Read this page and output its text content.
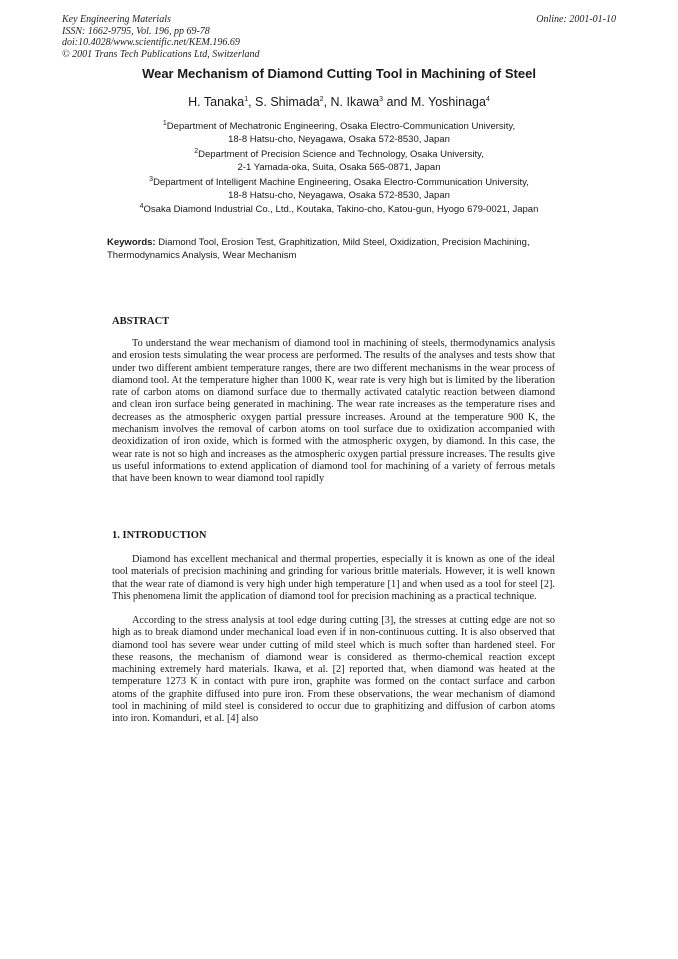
Key Engineering Materials
ISSN: 1662-9795, Vol. 196, pp 69-78
doi:10.4028/www.scientific.net/KEM.196.69
© 2001 Trans Tech Publications Ltd, Switzerland
Online: 2001-01-10
Wear Mechanism of Diamond Cutting Tool in Machining of Steel
H. Tanaka$^1$, S. Shimada$^2$, N. Ikawa$^3$ and M. Yoshinaga$^4$
$^1$Department of Mechatronic Engineering, Osaka Electro-Communication University,
18-8 Hatsu-cho, Neyagawa, Osaka 572-8530, Japan
$^2$Department of Precision Science and Technology, Osaka University,
2-1 Yamada-oka, Suita, Osaka 565-0871, Japan
$^3$Department of Intelligent Machine Engineering, Osaka Electro-Communication University,
18-8 Hatsu-cho, Neyagawa, Osaka 572-8530, Japan
$^4$Osaka Diamond Industrial Co., Ltd., Koutaka, Takino-cho, Katou-gun, Hyogo 679-0021, Japan
Keywords: Diamond Tool, Erosion Test, Graphitization, Mild Steel, Oxidization, Precision Machining, Thermodynamics Analysis, Wear Mechanism
ABSTRACT

To understand the wear mechanism of diamond tool in machining of steels, thermodynamics analysis and erosion tests simulating the wear process are performed. The results of the analyses and tests show that under two different ambient temperature ranges, there are two different mechanisms in the wear process of diamond tool. At the temperature higher than 1000 K, wear rate is very high but is limited by the liberation rate of carbon atoms on diamond surface due to thermally activated catalytic reaction between diamond and clean iron surface being generated in machining. The wear rate increases as the temperature rises and decreases as the atmospheric oxygen partial pressure increases. Around at the temperature 900 K, the mechanism involves the removal of carbon atoms on tool surface due to oxidization accompanied with deoxidization of iron oxide, which is formed with the atmospheric oxygen, by diamond. In this case, the wear rate is not so high and increases as the atmospheric oxygen partial pressure increases. The results give us useful informations to extend application of diamond tool for machining of a variety of ferrous metals that have been known to wear diamond tool rapidly

1. INTRODUCTION

Diamond has excellent mechanical and thermal properties, especially it is known as one of the ideal tool materials of precision machining and grinding for various brittle materials. However, it is well known that the wear rate of diamond is very high under high temperature [1] and when used as a tool for steel [2]. This phenomena limit the application of diamond tool for precision machining as a practical technique.

According to the stress analysis at tool edge during cutting [3], the stresses at cutting edge are not so high as to break diamond under mechanical load even if in non-continuous cutting. It is also observed that diamond tool has severe wear under cutting of mild steel which is much softer than hardened steel. For these reasons, the mechanism of diamond wear is considered as thermo-chemical reaction except machining extremely hard materials. Ikawa, et al. [2] reported that, when diamond was heated at the temperature 1273 K in contact with pure iron, graphite was formed on the contact surface and carbon atoms of the graphite diffused into pure iron. From these observations, the wear mechanism of diamond tool in machining of mild steel is considered to occur due to graphitizing and diffusion of carbon atoms into iron. Komanduri, et al. [4] also
